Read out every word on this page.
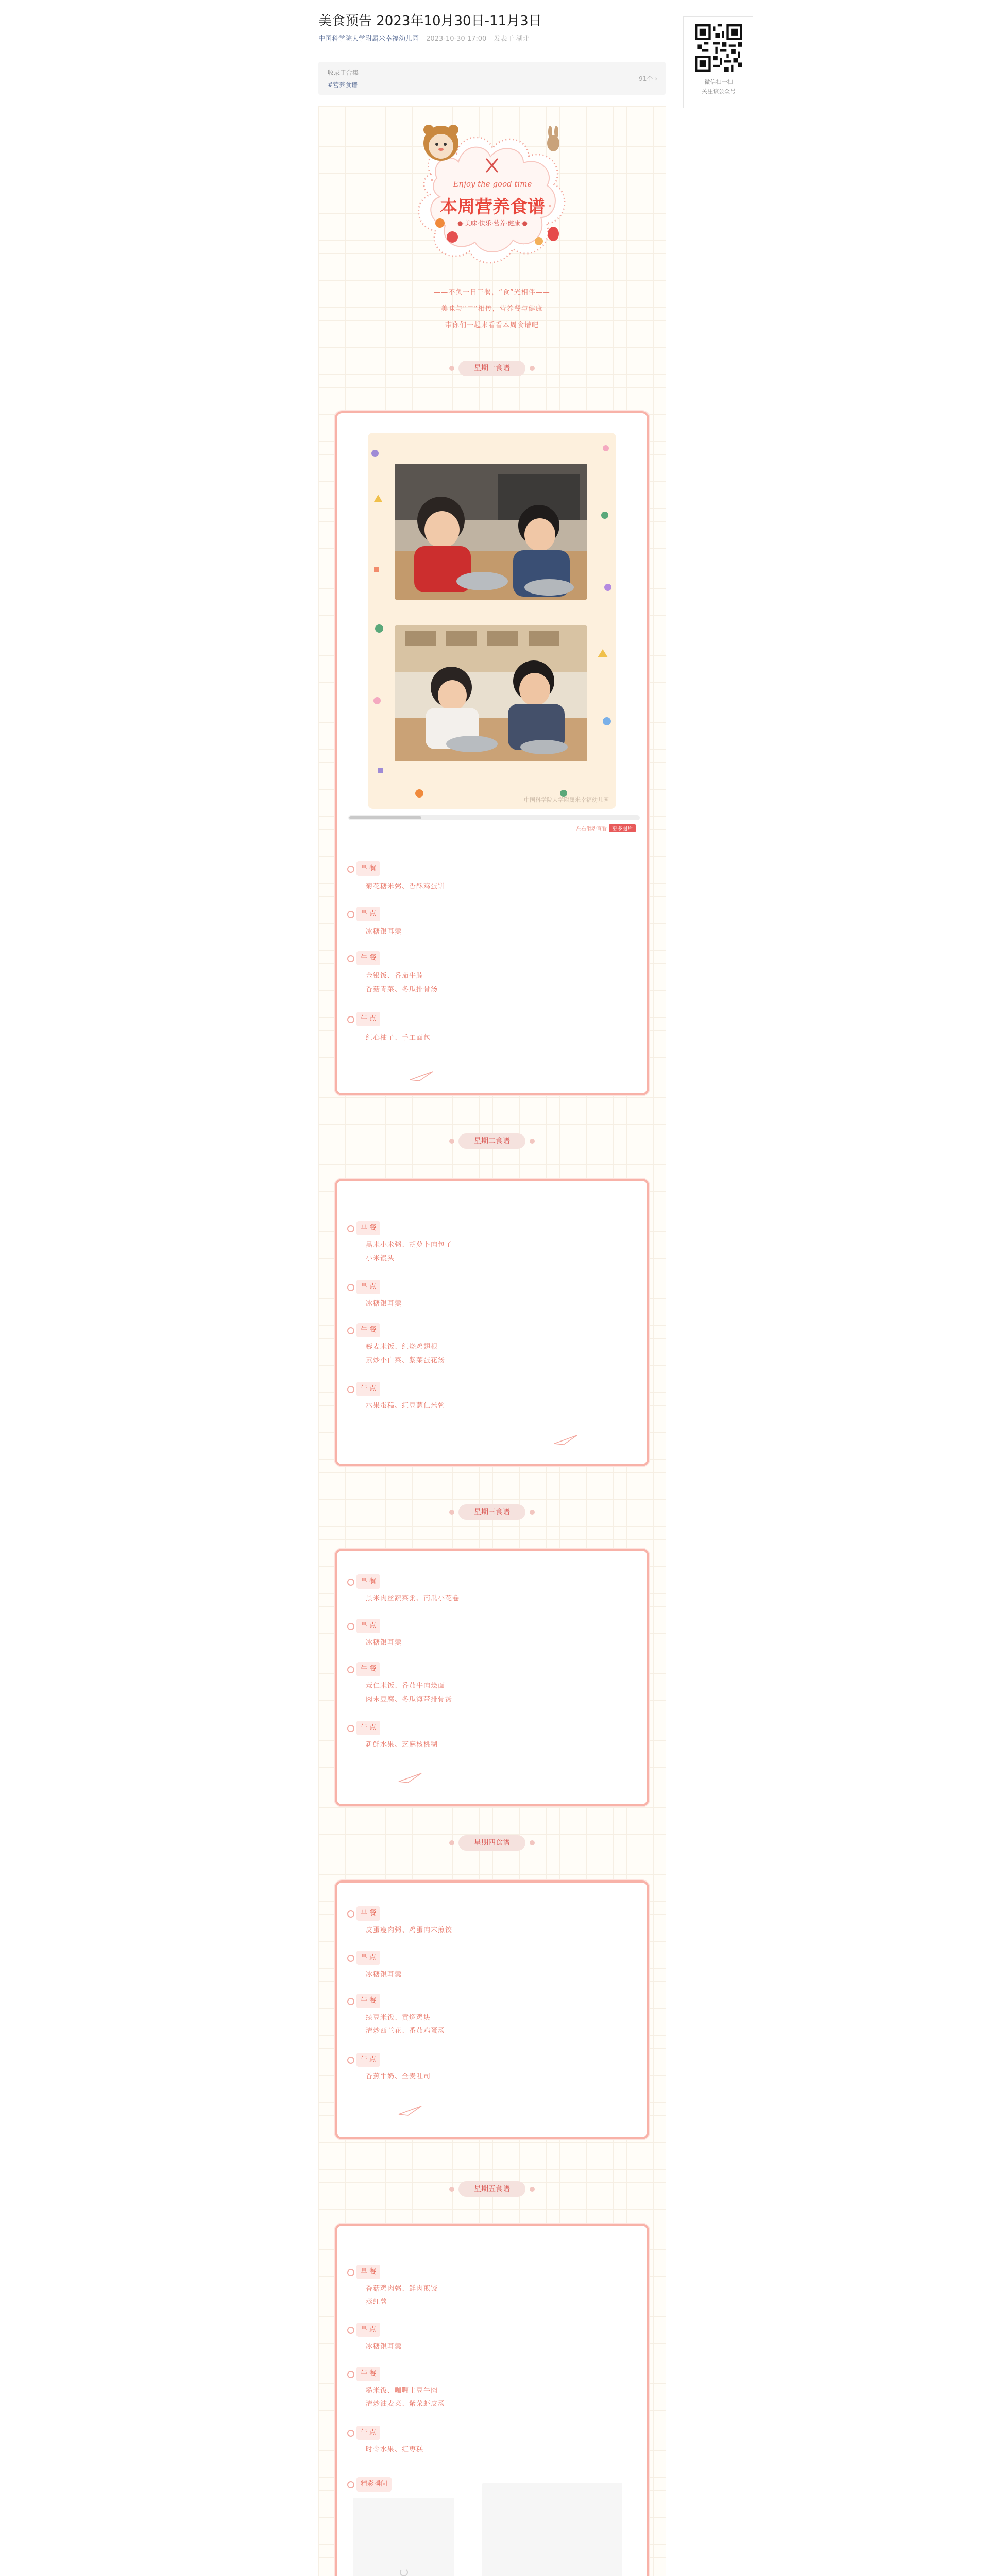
美食预告 2023年10月30日-11月3日
中国科学院大学附属米幸福幼儿园 2023-10-30 17:00 发表于 湖北
微信扫一扫
关注该公众号
收录于合集
#营养食谱
91个 ›
Enjoy the good time
本周营养食谱
●·美味·快乐·营养·健康·●
——不负一日三餐，“食”光相伴——
美味与“口”相传，营养餐与健康
带你们一起来看看本周食谱吧
星期一食谱
中国科学院大学附属米幸福幼儿园
左右滑动查看 更多图片
早 餐
菊花糖米粥、香酥鸡蛋饼
早 点
冰糖银耳羹
午 餐
金银饭、番茄牛腩
香菇青菜、冬瓜排骨汤
午 点
红心柚子、手工面包
星期二食谱
早 餐
黑米小米粥、胡萝卜肉包子
小米馒头
早 点
冰糖银耳羹
午 餐
藜麦米饭、红烧鸡翅根
素炒小白菜、紫菜蛋花汤
午 点
水果蛋糕、红豆薏仁米粥
星期三食谱
早 餐
黑米肉丝蔬菜粥、南瓜小花卷
早 点
冰糖银耳羹
午 餐
薏仁米饭、番茄牛肉烩面
肉末豆腐、冬瓜海带排骨汤
午 点
新鲜水果、芝麻核桃糊
星期四食谱
早 餐
皮蛋瘦肉粥、鸡蛋肉末煎饺
早 点
冰糖银耳羹
午 餐
绿豆米饭、黄焖鸡块
清炒西兰花、番茄鸡蛋汤
午 点
香蕉牛奶、全麦吐司
星期五食谱
早 餐
香菇鸡肉粥、鲜肉煎饺
蒸红薯
早 点
冰糖银耳羹
午 餐
糙米饭、咖喱土豆牛肉
清炒油麦菜、紫菜虾皮汤
午 点
时令水果、红枣糕
精彩瞬间
